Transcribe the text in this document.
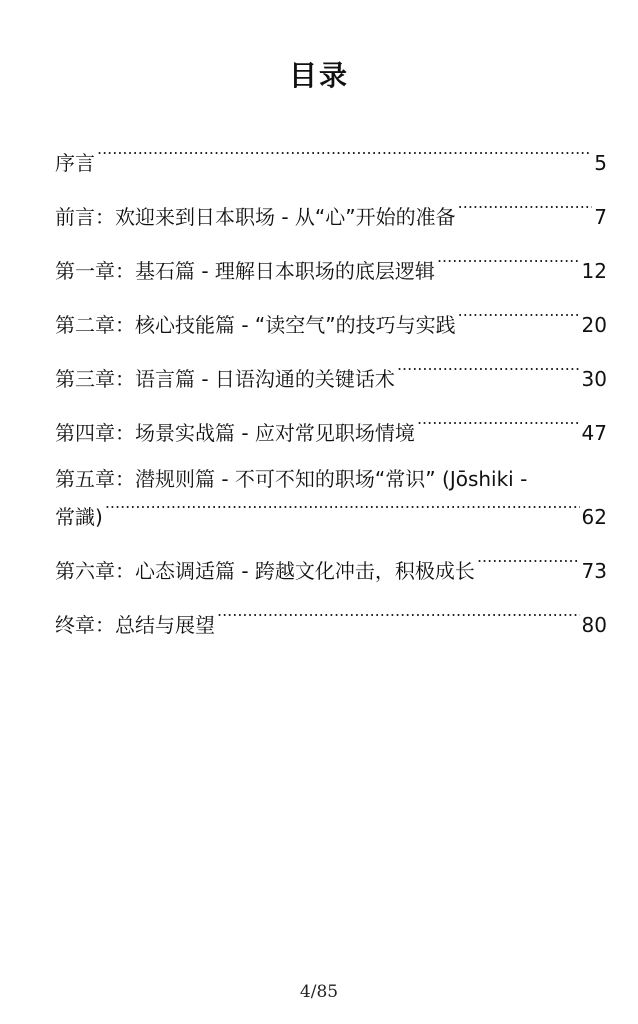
目录
序言 .....	5
前言：欢迎来到日本职场 - 从“心”开始的准备 .....	7
第一章：基石篇 - 理解日本职场的底层逻辑 .....	12
第二章：核心技能篇 - “读空气”的技巧与实践 .....	20
第三章：语言篇 - 日语沟通的关键话术 .....	30
第四章：场景实战篇 - 应对常见职场情境 .....	47
第五章：潜规则篇 - 不可不知的职场“常识” (Jōshiki -
常識) .....	62
第六章：心态调适篇 - 跨越文化冲击，积极成长 .....	73
终章：总结与展望 .....	80
4/85
